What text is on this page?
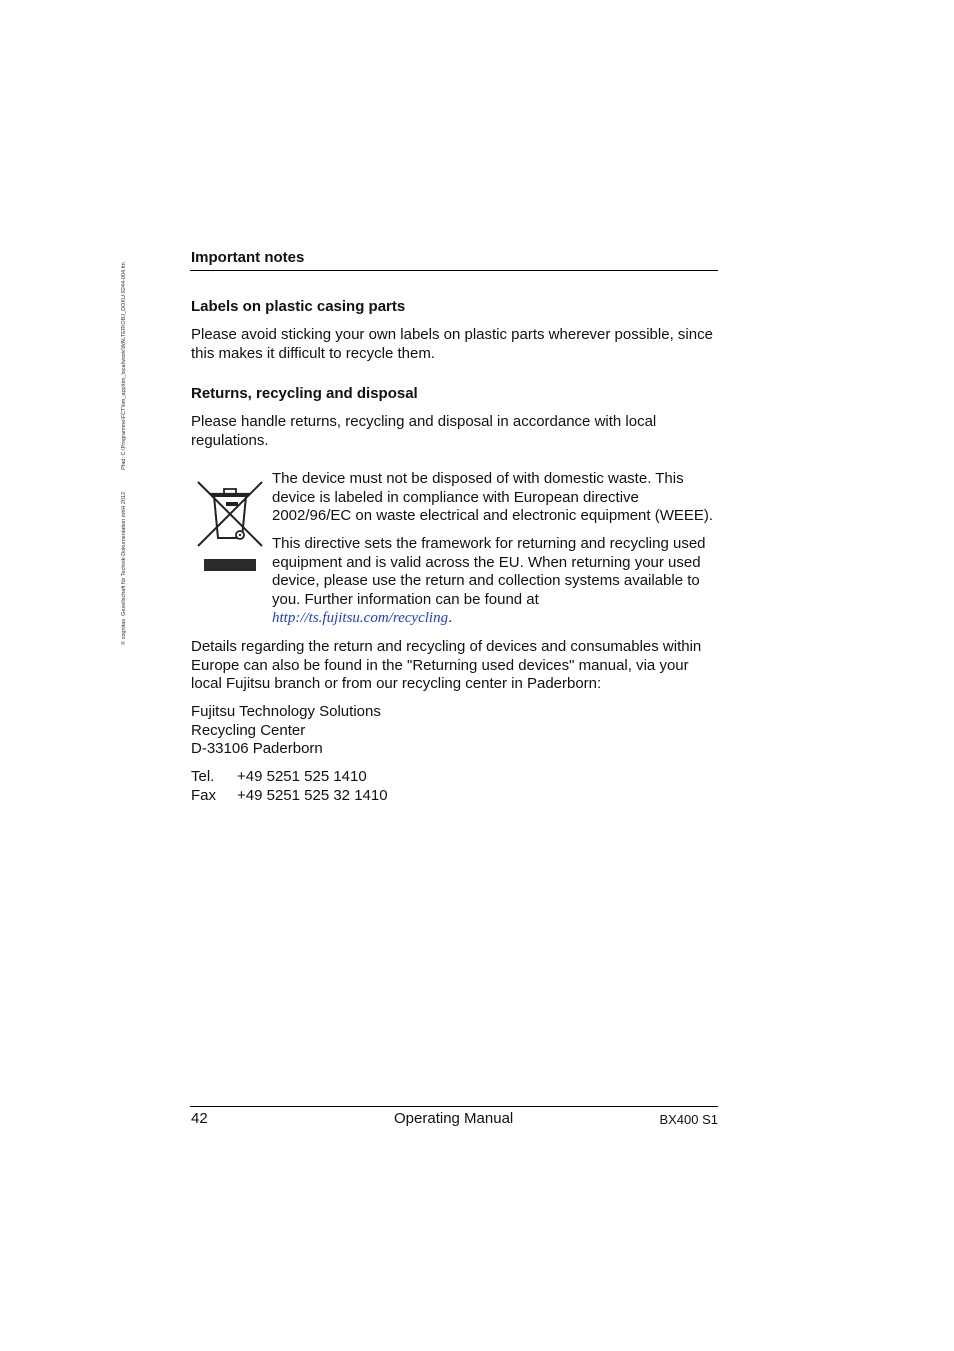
© cognitas. Gesellschaft für Technik-Dokumentation mbH 2012Pfad: C:\Programme\FCT\tim_app\tim_local\work\WALTER\OBJ_DOKU-9244-004.fm
Important notes
Labels on plastic casing parts

Please avoid sticking your own labels on plastic parts wherever possible, since this makes it difficult to recycle them.

Returns, recycling and disposal

Please handle returns, recycling and disposal in accordance with local regulations.

The device must not be disposed of with domestic waste. This device is labeled in compliance with European directive 2002/96/EC on waste electrical and electronic equipment (WEEE).

This directive sets the framework for returning and recycling used equipment and is valid across the EU. When returning your used device, please use the return and collection systems available to you. Further information can be found at
http://ts.fujitsu.com/recycling.

Details regarding the return and recycling of devices and consumables within Europe can also be found in the "Returning used devices" manual, via your local Fujitsu branch or from our recycling center in Paderborn:

Fujitsu Technology Solutions
Recycling Center
D-33106 Paderborn
Tel.	+49 5251 525 1410
Fax	+49 5251 525 32 1410
42	Operating Manual	BX400 S1
